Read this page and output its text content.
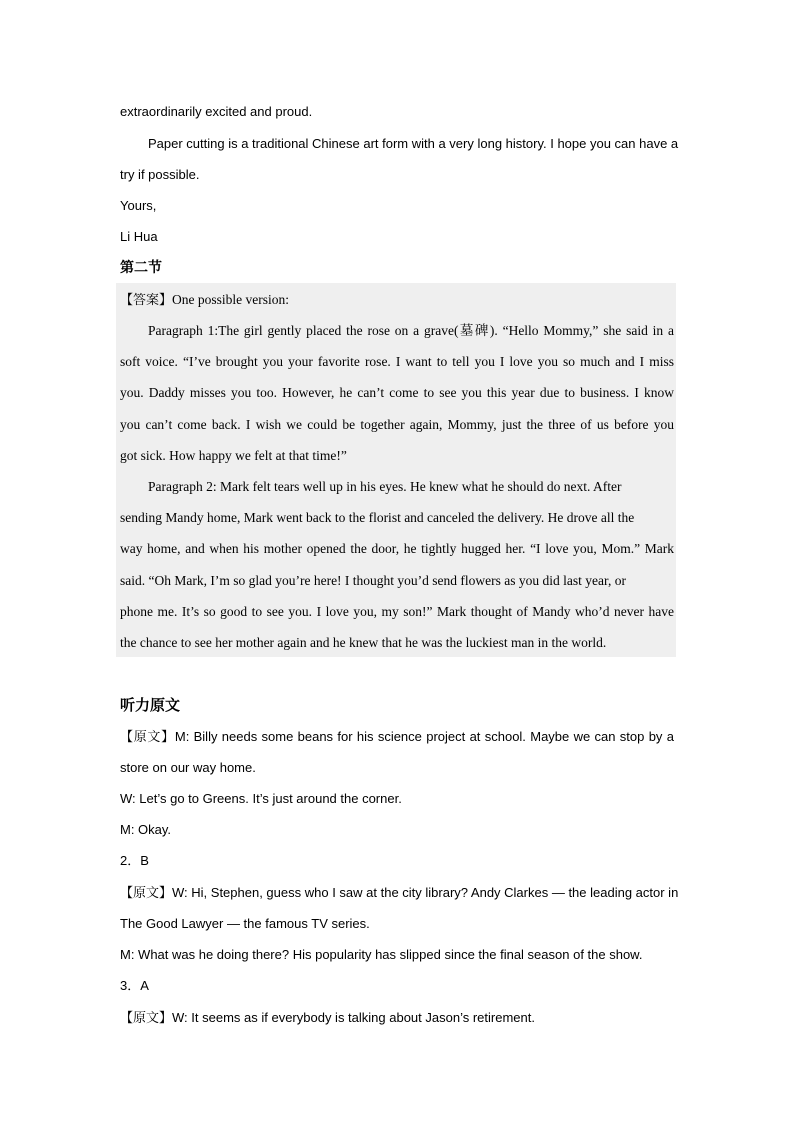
extraordinarily excited and proud.
Paper cutting is a traditional Chinese art form with a very long history. I hope you can have a
try if possible.
Yours,
Li Hua
第二节
【答案】One possible version:
Paragraph 1:The girl gently placed the rose on a grave(墓碑). “Hello Mommy,” she said in a
soft voice. “I’ve brought you your favorite rose. I want to tell you I love you so much and I miss
you. Daddy misses you too. However, he can’t come to see you this year due to business. I know
you can’t come back. I wish we could be together again, Mommy, just the three of us before you
got sick. How happy we felt at that time!”
Paragraph 2: Mark felt tears well up in his eyes. He knew what he should do next. After
sending Mandy home, Mark went back to the florist and canceled the delivery. He drove all the
way home, and when his mother opened the door, he tightly hugged her. “I love you, Mom.” Mark
said. “Oh Mark, I’m so glad you’re here! I thought you’d send flowers as you did last year, or
phone me. It’s so good to see you. I love you, my son!” Mark thought of Mandy who’d never have
the chance to see her mother again and he knew that he was the luckiest man in the world.
听力原文
【原文】M: Billy needs some beans for his science project at school. Maybe we can stop by a
store on our way home.
W: Let’s go to Greens. It’s just around the corner.
M: Okay.
2．B
【原文】W: Hi, Stephen, guess who I saw at the city library? Andy Clarkes — the leading actor in
The Good Lawyer — the famous TV series.
M: What was he doing there? His popularity has slipped since the final season of the show.
3．A
【原文】W: It seems as if everybody is talking about Jason’s retirement.
